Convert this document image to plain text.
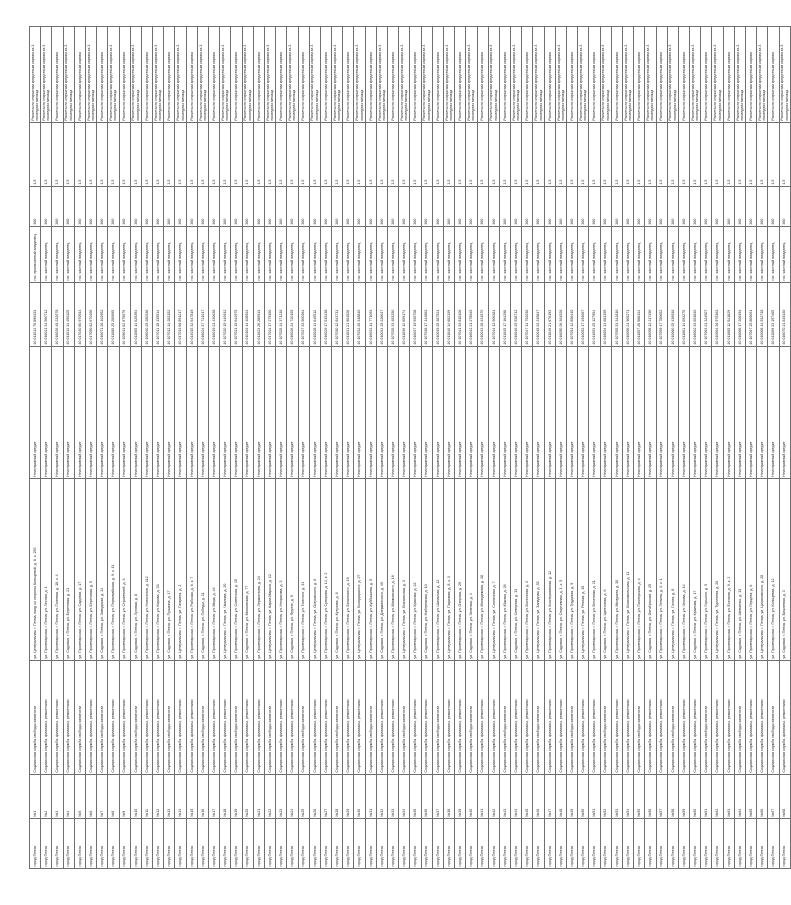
город Пенза	№1	Социальная служба свободы занятости	ул. Центральная, г. Пенза, вход со стороны Кольцевой, д. 8, к. 253	Неисправный кредит	40 011014 76 890333	гос. прописанный владелец	360	1,5	Расчеты по открытым кредитным картам за 3 последних месяца
город Пенза	№2	Социальная служба, филиалы, ремонтники	ул. Пролетарская, г. Пенза, ул. Лесная, д. 1	Неисправный кредит	40 016021 34 560712	гос. частный владелец	360	1,5	Расчеты по открытым кредитным картам за 3 последних месяца
город Пенза	№3	Социальная служба, филиалы, ремонтники	ул. Пролетарская, г. Пенза, ул. Полевая, д. 18, к. 4	Неисправный кредит	40 016026 48 232078	гос. частный владелец	360	1,5	Расчеты по открытым кредитным картам
город Пенза	№4	Социальная служба, филиалы, ремонтники	ул. Садовая, г. Пенза, ул. Береговая, д. 21	Неисправный кредит	40 011014 14 450325	гос. частный владелец	360	1,5	Расчеты по открытым кредитным картам за 3 последних месяца
город Пенза	№5	Социальная служба свободы занятости	ул. Пролетарская, г. Пенза, ул. Садовая, д. 17	Неисправный кредит	40 017040 80 970914	гос. частный владелец	360	1,5	Расчеты по открытым кредитным картам
город Пенза	№6	Социальная служба, филиалы, ремонтники	ул. Пролетарская, г. Пенза, ул. Береговая, д. 5	Неисправный кредит	40 017050 82 670456	гос. частный владелец	360	1,5	Расчеты по открытым кредитным картам за 3 последних месяца
город Пенза	№7	Социальная служба свободы занятости	ул. Садовая, г. Пенза, ул. Заводская, д. 14	Неисправный кредит	40 016071 26 102952	гос. частный владелец	360	1,5	Расчеты по открытым кредитным картам
город Пенза	№8	Социальная служба, филиалы, ремонтники	ул. Пролетарская, г. Пенза, ул. Первомайская, д. 9, к. 11	Неисправный кредит	40 011080 25 280695	гос. частный владелец	360	1,5	Расчеты по открытым кредитным картам за 3 последних месяца
город Пенза	№9	Социальная служба, филиалы, ремонтники	ул. Пролетарская, г. Пенза, ул. Строителей, д. 3	Неисправный кредит	40 109011 02 975079	гос. частный владелец	360	1,5	Расчеты по открытым кредитным картам
город Пенза	№10	Социальная служба свободы занятости	ул. Садовая, г. Пенза, ул. Луговая, д. 8	Неисправный кредит	40 011065 14 020394	гос. частный владелец	360	1,5	Расчеты по открытым кредитным картам за 3 последних месяца
город Пенза	№11	Социальная служба, филиалы, ремонтники	ул. Пролетарская, г. Пенза, ул. Новоселов, д. 112	Неисправный кредит	40 106030 25 280336	гос. частный владелец	360	1,5	Расчеты по открытым кредитным картам
город Пенза	№12	Социальная служба, филиалы, ремонтники	ул. Пролетарская, г. Пенза, ул. Кирова, д. 33	Неисправный кредит	40 107011 15 135514	гос. частный владелец	360	1,5	Расчеты по открытым кредитным картам за 3 последних месяца
город Пенза	№13	Социальная служба свободы занятости	ул. Садовая, г. Пенза, ул. Пушкина, д. 17	Неисправный кредит	40 107012 14 282152	гос. частный владелец	360	1,5	Расчеты по открытым кредитным картам
город Пенза	№14	Социальная служба, филиалы, ремонтники	ул. Центральная, г. Пенза, ул. Гагарина, д. 2	Неисправный кредит	40 017013 66 891217	гос. частный владелец	360	1,5	Расчеты по открытым кредитным картам за 3 последних месяца
город Пенза	№15	Социальная служба, филиалы, ремонтники	ул. Пролетарская, г. Пенза, ул. Рабочая, д. 6, к. 7	Неисправный кредит	40 014015 32 647819	гос. частный владелец	360	1,5	Расчеты по открытым кредитным картам
город Пенза	№16	Социальная служба свободы занятости	ул. Садовая, г. Пенза, ул. Победы, д. 11	Неисправный кредит	40 016024 37 721017	гос. частный владелец	360	1,5	Расчеты по открытым кредитным картам за 3 последних месяца
город Пенза	№17	Социальная служба, филиалы, ремонтники	ул. Пролетарская, г. Пенза, ул. Мира, д. 44	Неисправный кредит	40 016019 21 430638	гос. частный владелец	360	1,5	Расчеты по открытым кредитным картам
город Пенза	№18	Социальная служба, филиалы, ремонтники	ул. Центральная, г. Пенза, ул. Чкалова, д. 20	Неисправный кредит	40 107020 15 440912	гос. частный владелец	360	1,5	Расчеты по открытым кредитным картам за 3 последних месяца
город Пенза	№19	Социальная служба свободы занятости	ул. Пролетарская, г. Пенза, ул. Советская, д. 15	Неисправный кредит	40 107021 15 642975	гос. частный владелец	360	1,5	Расчеты по открытым кредитным картам
город Пенза	№20	Социальная служба, филиалы, ремонтники	ул. Садовая, г. Пенза, ул. Московская, д. 77	Неисправный кредит	40 010102 14 408924	гос. частный владелец	360	1,5	Расчеты по открытым кредитным картам за 3 последних месяца
город Пенза	№21	Социальная служба, филиалы, ремонтники	ул. Пролетарская, г. Пенза, ул. Лермонтова, д. 24	Неисправный кредит	40 011023 26 280913	гос. частный владелец	360	1,5	Расчеты по открытым кредитным картам
город Пенза	№22	Социальная служба свободы занятости	ул. Центральная, г. Пенза, ул. Карла Маркса, д. 12	Неисправный кредит	40 017024 17 279150	гос. частный владелец	360	1,5	Расчеты по открытым кредитным картам за 3 последних месяца
город Пенза	№23	Социальная служба, филиалы, ремонтники	ул. Пролетарская, г. Пенза, ул. Некрасова, д. 3	Неисправный кредит	40 107025 14 371218	гос. частный владелец	360	1,5	Расчеты по открытым кредитным картам
город Пенза	№24	Социальная служба, филиалы, ремонтники	ул. Садовая, г. Пенза, ул. Фрунзе, д. 9	Неисправный кредит	40 016026 24 720155	гос. частный владелец	360	1,5	Расчеты по открытым кредитным картам за 3 последних месяца
город Пенза	№25	Социальная служба свободы занятости	ул. Пролетарская, г. Пенза, ул. Толстого, д. 31	Неисправный кредит	40 107027 33 900364	гос. частный владелец	360	1,5	Расчеты по открытым кредитным картам
город Пенза	№26	Социальная служба, филиалы, ремонтники	ул. Центральная, г. Пенза, ул. Островского, д. 6	Неисправный кредит	40 010028 11 640512	гос. частный владелец	360	1,5	Расчеты по открытым кредитным картам за 3 последних месяца
город Пенза	№27	Социальная служба, филиалы, ремonтники	ул. Пролетарская, г. Пенза, ул. Суворова, д. 14, к. 2	Неисправный кредит	40 016029 17 515438	гос. частный владелец	360	1,5	Расчеты по открытым кредитным картам
город Пенза	№28	Социальная служба свободы занятости	ул. Садовая, г. Пенза, ул. Кутузова, д. 8	Неисправный кредит	40 107030 12 843711	гос. частный владелец	360	1,5	Расчеты по открытым кредитным картам за 3 последних месяца
город Пенза	№29	Социальная служба, филиалы, ремонтники	ул. Пролетарская, г. Пенза, ул. Белинского, д. 19	Неисправный кредит	40 011031 21 904526	гос. частный владелец	360	1,5	Расчеты по открытым кредитным картам
город Пенза	№30	Социальная служба, филиалы, ремонтники	ул. Центральная, г. Пенза, ул. Володарского, д. 27	Неисправный кредит	40 107032 26 318840	гос. частный владелец	360	1,5	Расчеты по открытым кредитным картам за 3 последних месяца
город Пенза	№31	Социальная служба свободы занятости	ул. Пролетарская, г. Пенза, ул. Куйбышева, д. 5	Неисправный кредит	40 016033 14 771093	гос. частный владелец	360	1,5	Расчеты по открытым кредитным картам
город Пенза	№32	Социальная служба, филиалы, ремонтники	ул. Садовая, г. Пенза, ул. Дзержинского, д. 40	Неисправный кредит	40 010034 25 226617	гос. частный владелец	360	1,5	Расчеты по открытым кредитным картам за 3 последних месяца
город Пенза	№33	Социальная служба, филиалы, ремонтники	ул. Пролетарская, г. Пенза, ул. Маяковского, д. 16	Неисправный кредит	40 107035 33 483250	гос. частный владелец	360	1,5	Расчеты по открытым кредитным картам
город Пенза	№34	Социальная служба свободы занятости	ул. Центральная, г. Пенза, ул. Вокзальная, д. 3	Неисправный кредит	40 011036 12 659174	гос. частный владелец	360	1,5	Расчеты по открытым кредитным картам за 3 последних месяца
город Пенза	№35	Социальная служба, филиалы, ремонтники	ул. Пролетарская, г. Пенза, ул. Красная, д. 22	Неисправный кредит	40 016037 19 935708	гос. частный владелец	360	1,5	Расчеты по открытым кредитным картам
город Пенза	№36	Социальная служба, филиалы, ремонтники	ул. Садовая, г. Пенза, ул. Набережная, д. 10	Неисправный кредит	40 107038 17 142863	гос. частный владелец	360	1,5	Расчеты по открытым кредитным картам за 3 последних месяца
город Пенза	№37	Социальная служба свободы занятости	ул. Пролетарская, г. Пенза, ул. Школьная, д. 12	Неисправный кредит	40 010039 25 387521	гос. частный владелец	360	1,5	Расчеты по открытым кредитным картам
город Пенза	№38	Социальная служба, филиалы, ремонтники	ул. Центральная, г. Пенза, ул. Парковая, д. 8, к. 3	Неисправный кредит	40 011040 14 602139	гос. частный владелец	360	1,5	Расчеты по открытым кредитным картам за 3 последних месяца
город Пенза	№39	Социальная служба, филиалы, ремонтники	ул. Пролетарская, г. Пенза, ул. Озерная, д. 29	Неисправный кредит	40 107041 33 815406	гос. частный владелец	360	1,5	Расчеты по открытым кредитным картам
город Пенза	№40	Социальная служба свободы занятости	ул. Садовая, г. Пенза, ул. Зеленая, д. 4	Неисправный кредит	40 016042 21 278945	гос. частный владелец	360	1,5	Расчеты по открытым кредитным картам за 3 последних месяца
город Пенза	№41	Социальная служба, филиалы, ремонтники	ул. Пролетарская, г. Пенза, ул. Молодежная, д. 18	Неисправный кредит	40 010043 26 431570	гос. частный владелец	360	1,5	Расчеты по открытым кредитным картам
город Пенза	№42	Социальная служба, филиалы, ремонтники	ул. Центральная, г. Пенза, ул. Солнечная, д. 7	Неисправный кредит	40 107044 12 906381	гос. частный владелец	360	1,5	Расчеты по открытым кредитным картам за 3 последних месяца
город Пенза	№43	Социальная служба свободы занятости	ул. Пролетарская, г. Пенза, ул. Южная, д. 26	Неисправный кредит	40 011045 17 164298	гос. частный владелец	360	1,5	Расчеты по открытым кредитным картам
город Пенза	№44	Социальная служба, филиалы, ремонтники	ул. Садовая, г. Пенза, ул. Северная, д. 13	Неисправный кредит	40 016046 25 538712	гос. частный владелец	360	1,5	Расчеты по открытым кредитным картам за 3 последних месяца
город Пенза	№45	Социальная служба, филиалы, ремонтники	ул. Пролетарская, г. Пенза, ул. Восточная, д. 2	Неисправный кредит	40 107047 14 792036	гос. частный владелец	360	1,5	Расчеты по открытым кредитным картам
город Пенза	№46	Социальная служба свободы занятости	ул. Центральная, г. Пенза, ул. Западная, д. 35	Неисправный кредит	40 010048 33 215847	гос. частный владелец	360	1,5	Расчеты по открытым кредитным картам за 3 последних месяца
город Пенза	№47	Социальная служба, филиалы, ремонтники	ул. Пролетарская, г. Пенза, ул. Кооперативная, д. 12	Неисправный кредит	40 011049 21 670193	гос. частный владелец	360	1,5	Расчеты по открытым кредитным картам
город Пенза	№48	Социальная служба, филиалы, ремонтники	ул. Садовая, г. Пенза, ул. Спортивная, д. 1, к. 5	Неисправный кредит	40 016050 26 304528	гос. частный владелец	360	1,5	Расчеты по открытым кредитным картам за 3 последних месяца
город Пенза	№49	Социальная служба свободы занятости	ул. Пролетарская, г. Пенза, ул. Трудовая, д. 9	Неисправный кредит	40 107051 12 856410	гос. частный владелец	360	1,5	Расчеты по открытым кредитным картам
город Пенза	№50	Социальная служба, филиалы, ремонтники	ул. Центральная, г. Пенза, ул. Речная, д. 15	Неисправный кредит	40 010052 17 493067	гос. частный владелец	360	1,5	Расчеты по открытым кредитным картам за 3 последних месяца
город Пенза	№51	Социальная служба, филиалы, ремонтники	ул. Пролетарская, г. Пенза, ул. Весенняя, д. 21	Неисправный кредит	40 011053 25 127954	гос. частный владелец	360	1,5	Расчеты по открытым кредитным картам
город Пенза	№52	Социальная служба свободы занятости	ул. Садовая, г. Пенза, ул. Цветочная, д. 6	Неисправный кредит	40 016054 14 681395	гос. частный владелец	360	1,5	Расчеты по открытым кредитным картам за 3 последних месяца
город Пенза	№53	Социальная служба, филиалы, ремонтники	ул. Пролетарская, г. Пенза, ул. Мичурина, д. 30	Неисправный кредит	40 107055 33 342816	гос. частный владелец	360	1,5	Расчеты по открытым кредитным картам
город Пенза	№54	Социальная служба, филиалы, ремонтники	ул. Центральная, г. Пенза, ул. Комсомольская, д. 11	Неисправный кредит	40 010056 21 905271	гос. частный владелец	360	1,5	Расчеты по открытым кредитным картам за 3 последних месяца
город Пенза	№55	Социальная служба свободы занятости	ул. Пролетарская, г. Пенза, ул. Пионерская, д. 4	Неисправный кредит	40 011057 26 568134	гос. частный владелец	360	1,5	Расчеты по открытым кредитным картам
город Пенза	№56	Социальная служба, филиалы, ремонтники	ул. Садовая, г. Пенза, ул. Октябрьская, д. 25	Неисправный кредит	40 016058 12 217490	гос. частный владелец	360	1,5	Расчеты по открытым кредитным картам за 3 последних месяца
город Пенза	№57	Социальная служба, филиалы, ремонтники	ул. Пролетарская, г. Пенза, ул. Ленина, д. 3, к. 1	Неисправный кредит	40 107059 17 780652	гос. частный владелец	360	1,5	Расчеты по открытым кредитным картам
город Пенза	№58	Социальная служба свободы занятости	ул. Центральная, г. Пенза, ул. Гоголя, д. 8	Неисправный кредит	40 010060 25 436918	гос. частный владелец	360	1,5	Расчеты по открытым кредитным картам за 3 последних месяца
город Пенза	№59	Социальная служба, филиалы, ремонтники	ул. Пролетарская, г. Пенза, ул. Чехова, д. 14	Неисправный кредит	40 011061 14 093275	гос. частный владелец	360	1,5	Расчеты по открытым кредитным картам
город Пенза	№60	Социальная служба, филиалы, ремонтники	ул. Садовая, г. Пенза, ул. Крылова, д. 17	Неисправный кредит	40 016062 33 651840	гос. частный владелец	360	1,5	Расчеты по открытым кредитным картам за 3 последних месяца
город Пенза	№61	Социальная служба свободы занятости	ул. Пролетарская, г. Пенза, ул. Горького, д. 5	Неисправный кредит	40 107063 21 324507	гос. частный владелец	360	1,5	Расчеты по открытым кредитным картам
город Пенза	№62	Социальная служба, филиалы, ремонтники	ул. Центральная, г. Пенза, ул. Тургенева, д. 20	Неисправный кредит	40 010064 26 978163	гос. частный владелец	360	1,5	Расчеты по открытым кредитным картам за 3 последних месяца
город Пенза	№63	Социальная служба, филиалы, ремонтники	ул. Пролетарская, г. Пенза, ул. Есенина, д. 9, к. 2	Неисправный кредит	40 011065 12 541829	гос. частный владелец	360	1,5	Расчеты по открытым кредитным картам
город Пенза	№64	Социальная служба свободы занятости	ул. Садовая, г. Пенза, ул. Шевченко, д. 13	Неисправный кредит	40 016066 17 206394	гос. частный владелец	360	1,5	Расчеты по открытым кредитным картам за 3 последних месяца
город Пенза	№65	Социальная служба, филиалы, ремонтники	ул. Пролетарская, г. Пенза, ул. Герцена, д. 6	Неисправный кредит	40 107067 25 869051	гос. частный владелец	360	1,5	Расчеты по открытым кредитным картам
город Пенза	№66	Социальная служба, филиалы, ремонтники	ул. Центральная, г. Пенза, ул. Циолковского, д. 28	Неисправный кредит	40 010068 14 532718	гос. частный владелец	360	1,5	Расчеты по открытым кредитным картам за 3 последних месяца
город Пенза	№67	Социальная служба свободы занятости	ул. Пролетарская, г. Пенза, ул. Кольцевая, д. 12	Неисправный кредит	40 011069 33 197465	гос. частный владелец	360	1,5	Расчеты по открытым кредитным картам
город Пенза	№68	Социальная служба, филиалы, ремонтники	ул. Садовая, г. Пенза, ул. Вишневая, д. 3	Неисправный кредит	40 016070 21 845130	гос. частный владелец	360	1,5	Расчеты по открытым кредитным картам за 3 последних месяца
